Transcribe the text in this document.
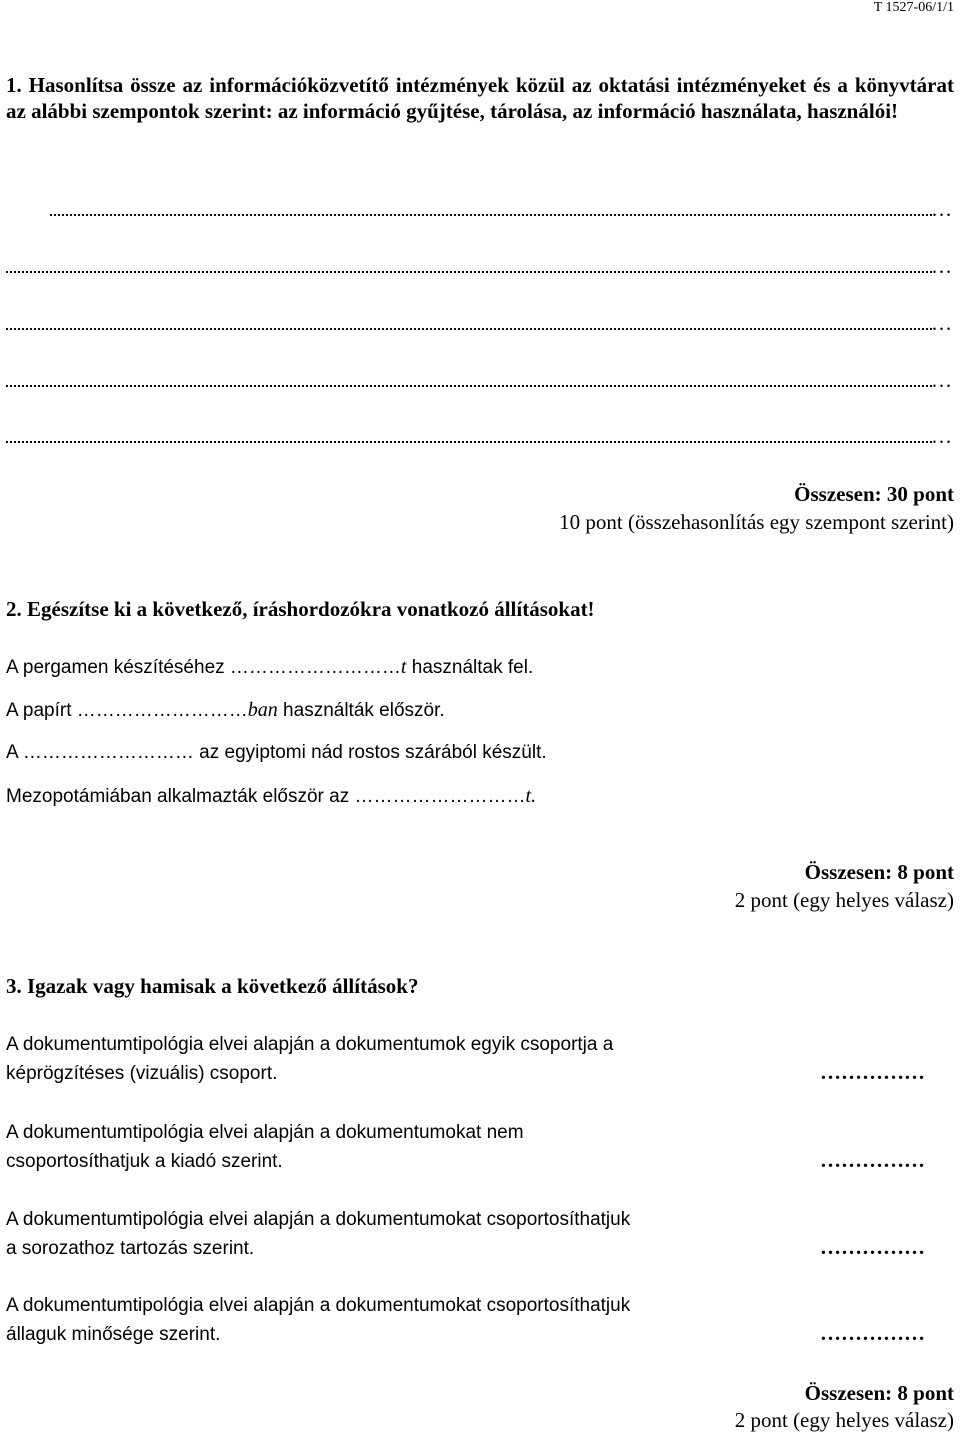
T 1527-06/1/1
1. Hasonlítsa össze az információközvetítő intézmények közül az oktatási intézményeket és a könyvtárat az alábbi szempontok szerint: az információ gyűjtése, tárolása, az információ használata, használói!
…
…
…
…
…
Összesen: 30 pont
10 pont (összehasonlítás egy szempont szerint)
2. Egészítse ki a következő, íráshordozókra vonatkozó állításokat!
A pergamen készítéséhez ………………………t használtak fel.
A papírt ………………………ban használták először.
A ……………………… az egyiptomi nád rostos szárából készült.
Mezopotámiában alkalmazták először az ………………………t.
Összesen: 8 pont
2 pont (egy helyes válasz)
3. Igazak vagy hamisak a következő állítások?
A dokumentumtipológia elvei alapján a dokumentumok egyik csoportja a képrögzítéses (vizuális) csoport.	……………
A dokumentumtipológia elvei alapján a dokumentumokat nem csoportosíthatjuk a kiadó szerint.	……………
A dokumentumtipológia elvei alapján a dokumentumokat csoportosíthatjuk a sorozathoz tartozás szerint.	……………
A dokumentumtipológia elvei alapján a dokumentumokat csoportosíthatjuk állaguk minősége szerint.	……………
Összesen: 8 pont
2 pont (egy helyes válasz)
